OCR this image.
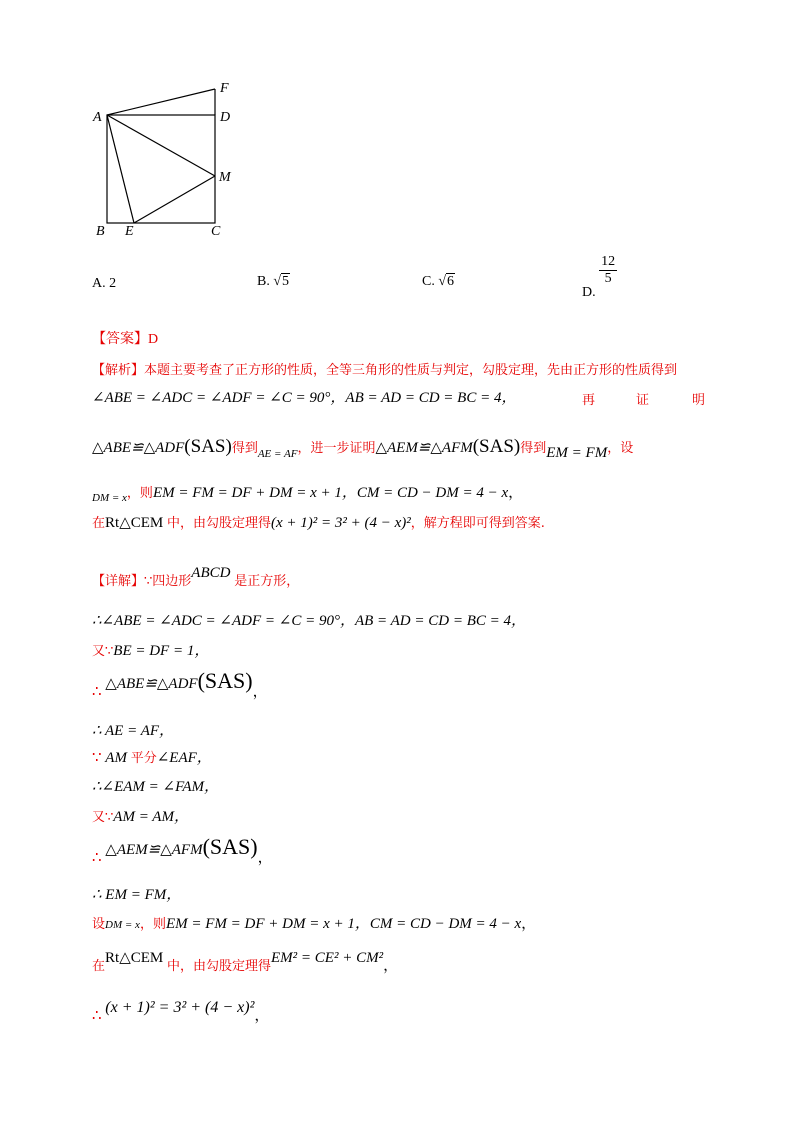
F
A	D
M
B E	C
A. 2	B. √5	C. √6
D.
$\frac{12}{5}$
【答案】D
【解析】本题主要考查了正方形的性质，全等三角形的性质与判定，勾股定理，先由正方形的性质得到
∠ABE = ∠ADC = ∠ADF = ∠C = 90°，AB = AD = CD = BC = 4，	再	证	明
△ABE≌△ADF(SAS)得到$_{AE = AF}$，进一步证明△AEM≌△AFM(SAS)得到EM = FM，设
$_{DM = x}$，则EM = FM = DF + DM = x + 1，CM = CD − DM = 4 − x，
在Rt△CEM 中，由勾股定理得(x + 1)² = 3² + (4 − x)²，解方程即可得到答案.
【详解】∵四边形ABCD 是正方形，
∴∠ABE = ∠ADC = ∠ADF = ∠C = 90°，AB = AD = CD = BC = 4，
又∵BE = DF = 1，
∴ △ABE≌△ADF(SAS)，
∴ AE = AF，
∵ AM 平分∠EAF，
∴∠EAM = ∠FAM，
又∵AM = AM，
∴ △AEM≌△AFM(SAS)，
∴ EM = FM，
设DM = x，则EM = FM = DF + DM = x + 1，CM = CD − DM = 4 − x，
在Rt△CEM 中，由勾股定理得EM² = CE² + CM²，
∴ (x + 1)² = 3² + (4 − x)²，
